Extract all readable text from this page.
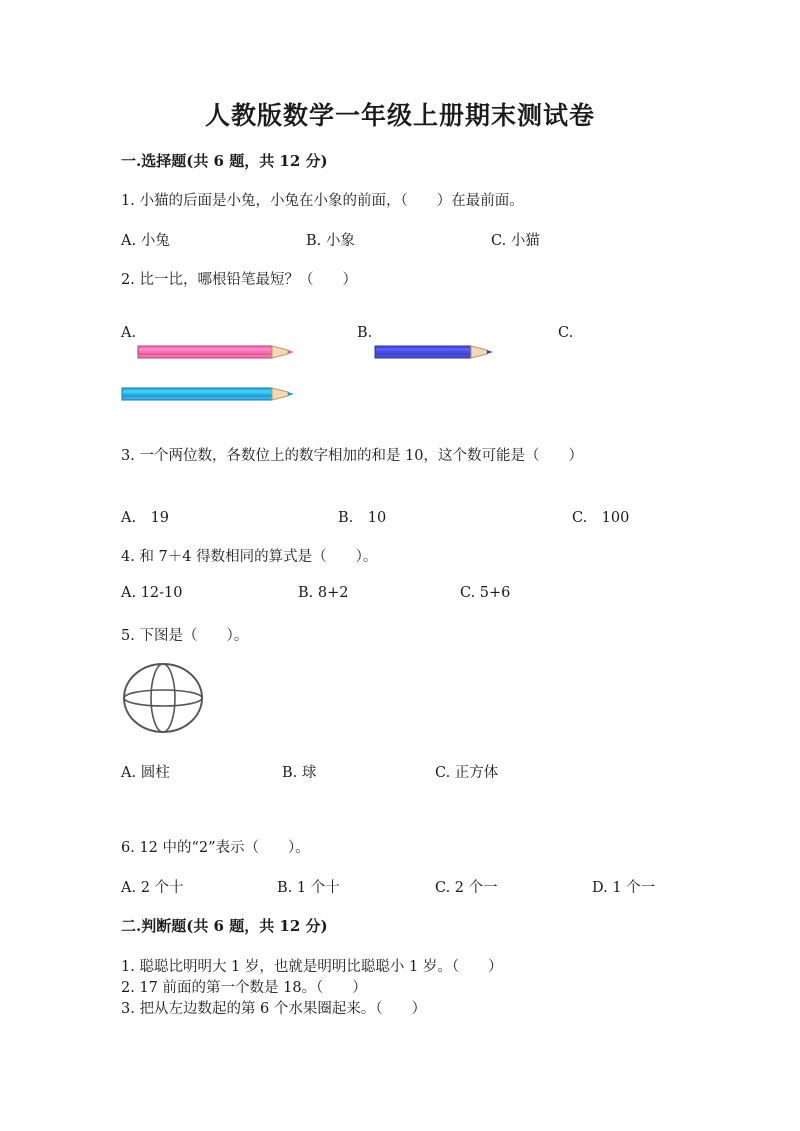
人教版数学一年级上册期末测试卷
一.选择题(共 6 题，共 12 分)
1. 小猫的后面是小兔，小兔在小象的前面，（　　）在最前面。
A. 小兔	B. 小象	C. 小猫
2. 比一比，哪根铅笔最短？（　　）
A.	B.	C.
3. 一个两位数，各数位上的数字相加的和是 10，这个数可能是（　　）
A.　19	B.　10	C.　100
4. 和 7＋4 得数相同的算式是（　　）。
A. 12-10	B. 8+2	C. 5+6
5. 下图是（　　）。
A. 圆柱	B. 球	C. 正方体
6. 12 中的“2”表示（　　）。
A. 2 个十	B. 1 个十	C. 2 个一	D. 1 个一
二.判断题(共 6 题，共 12 分)
1. 聪聪比明明大 1 岁，也就是明明比聪聪小 1 岁。（　　）
2. 17 前面的第一个数是 18。（　　）
3. 把从左边数起的第 6 个水果圈起来。（　　）
